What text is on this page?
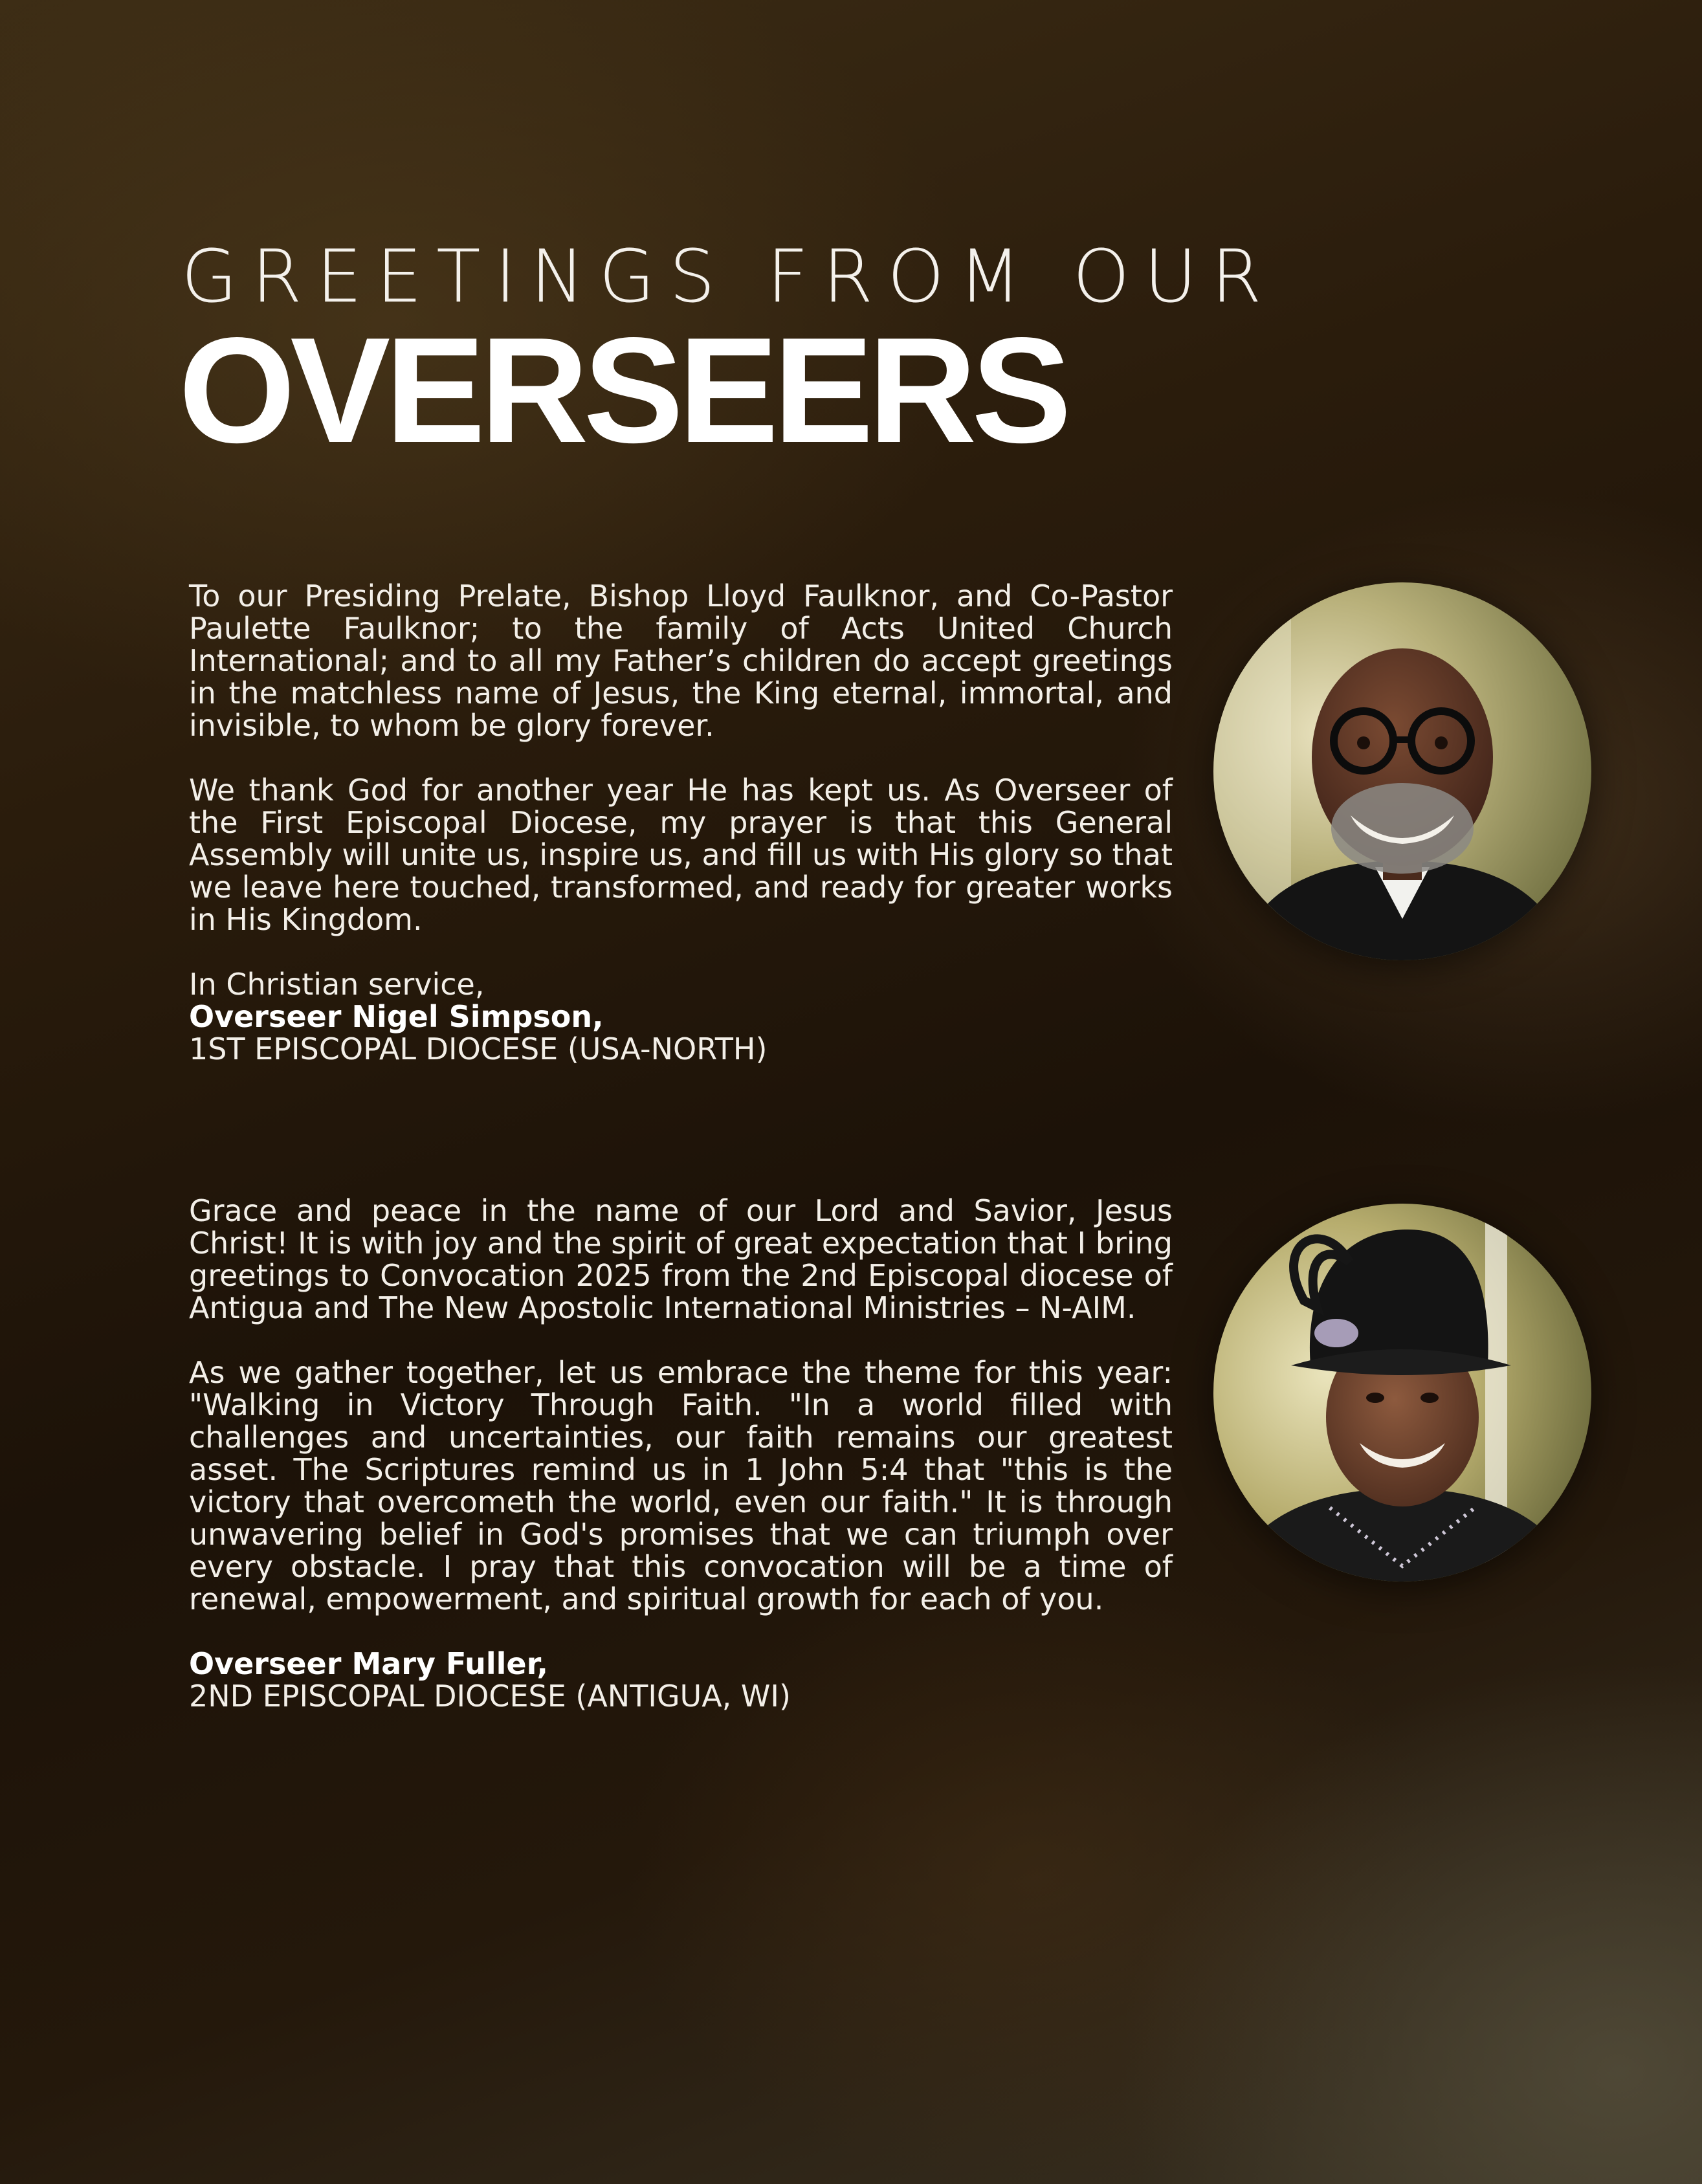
GREETINGS FROM OUR
OVERSEERS

To our Presiding Prelate, Bishop Lloyd Faulknor, and Co-Pastor Paulette Faulknor; to the family of Acts United Church International; and to all my Father’s children do accept greetings in the matchless name of Jesus, the King eternal, immortal, and invisible, to whom be glory forever.

We thank God for another year He has kept us. As Overseer of the First Episcopal Diocese, my prayer is that this General Assembly will unite us, inspire us, and fill us with His glory so that we leave here touched, transformed, and ready for greater works in His Kingdom.

In Christian service,

Overseer Nigel Simpson,

1ST EPISCOPAL DIOCESE (USA-NORTH)

Grace and peace in the name of our Lord and Savior, Jesus Christ! It is with joy and the spirit of great expectation that I bring greetings to Convocation 2025 from the 2nd Episcopal diocese of Antigua and The New Apostolic International Ministries – N-AIM.

As we gather together, let us embrace the theme for this year: "Walking in Victory Through Faith. "In a world filled with challenges and uncertainties, our faith remains our greatest asset. The Scriptures remind us in 1 John 5:4 that "this is the victory that overcometh the world, even our faith." It is through unwavering belief in God's promises that we can triumph over every obstacle. I pray that this convocation will be a time of renewal, empowerment, and spiritual growth for each of you.

Overseer Mary Fuller,

2ND EPISCOPAL DIOCESE (ANTIGUA, WI)
